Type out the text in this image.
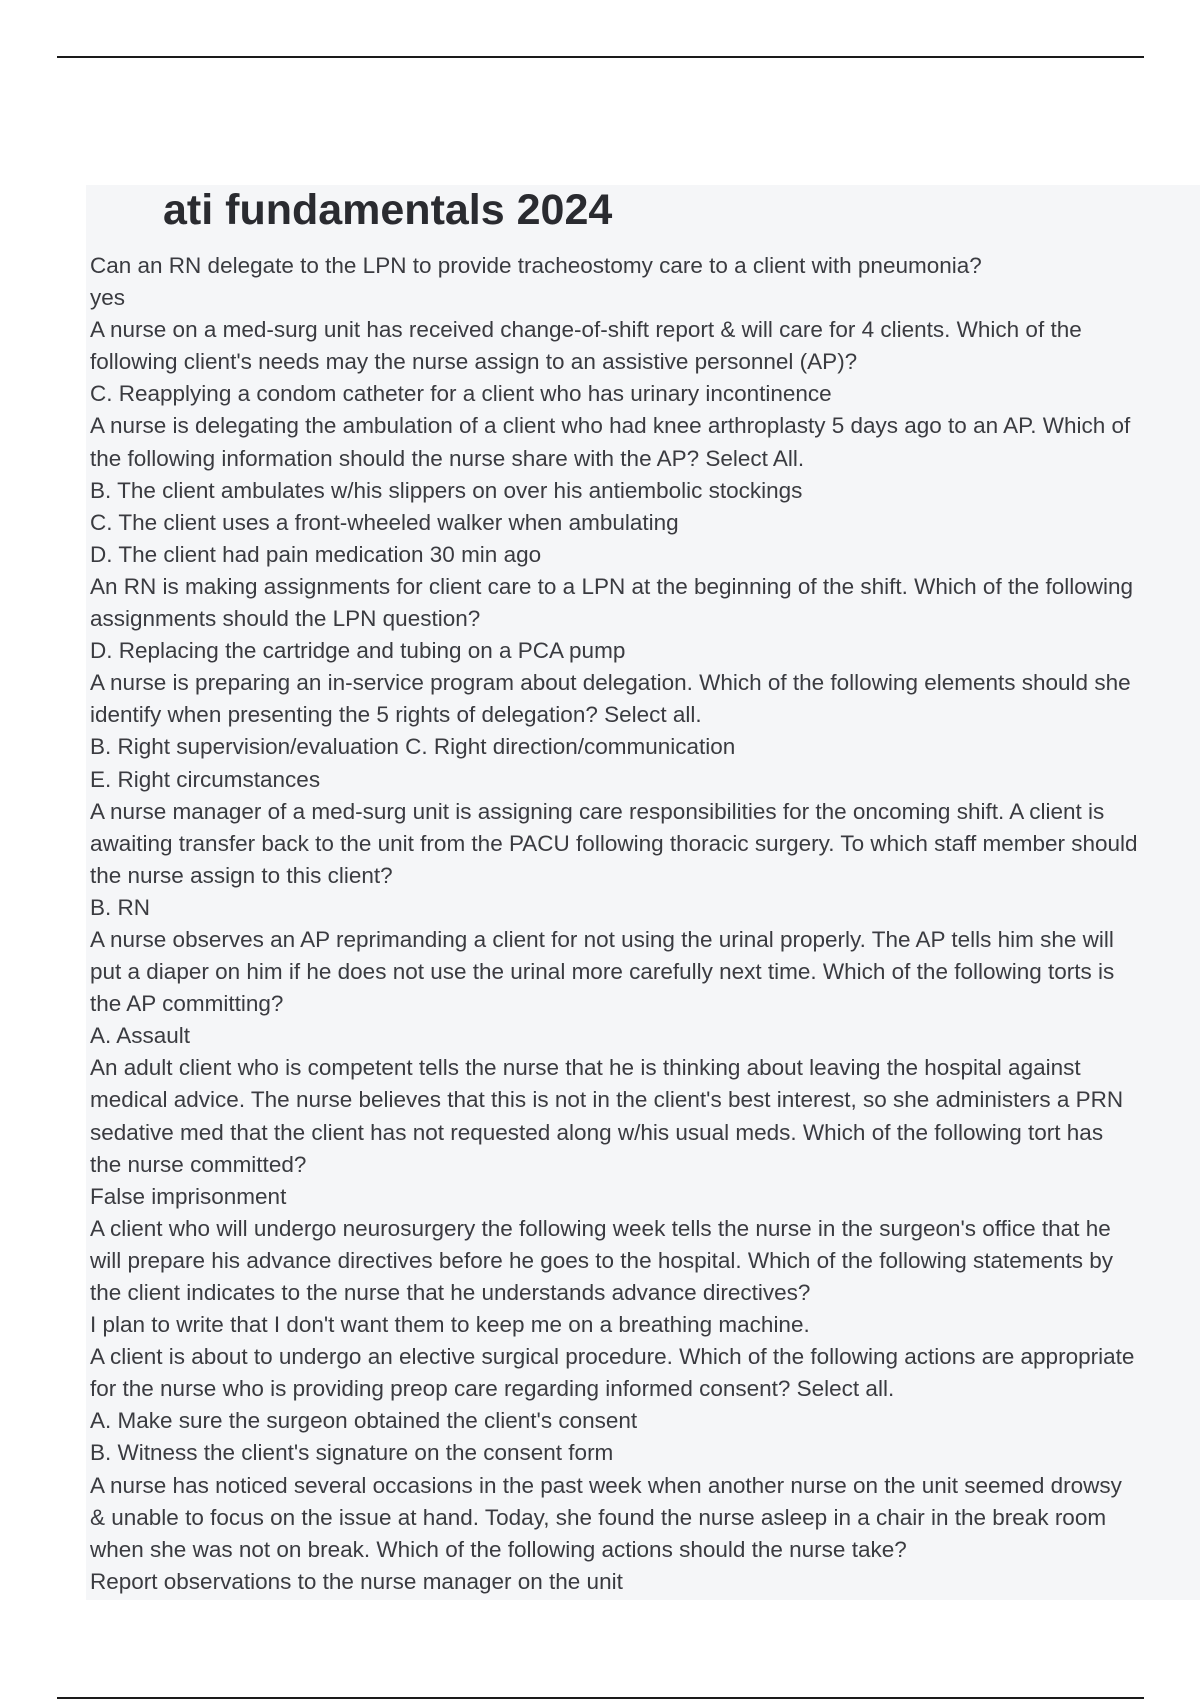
ati fundamentals 2024
Can an RN delegate to the LPN to provide tracheostomy care to a client with pneumonia?
yes
A nurse on a med-surg unit has received change-of-shift report & will care for 4 clients. Which of the
following client's needs may the nurse assign to an assistive personnel (AP)?
C. Reapplying a condom catheter for a client who has urinary incontinence
A nurse is delegating the ambulation of a client who had knee arthroplasty 5 days ago to an AP. Which of
the following information should the nurse share with the AP? Select All.
B. The client ambulates w/his slippers on over his antiembolic stockings
C. The client uses a front-wheeled walker when ambulating
D. The client had pain medication 30 min ago
An RN is making assignments for client care to a LPN at the beginning of the shift. Which of the following
assignments should the LPN question?
D. Replacing the cartridge and tubing on a PCA pump
A nurse is preparing an in-service program about delegation. Which of the following elements should she
identify when presenting the 5 rights of delegation? Select all.
B. Right supervision/evaluation C. Right direction/communication
E. Right circumstances
A nurse manager of a med-surg unit is assigning care responsibilities for the oncoming shift. A client is
awaiting transfer back to the unit from the PACU following thoracic surgery. To which staff member should
the nurse assign to this client?
B. RN
A nurse observes an AP reprimanding a client for not using the urinal properly. The AP tells him she will
put a diaper on him if he does not use the urinal more carefully next time. Which of the following torts is
the AP committing?
A. Assault
An adult client who is competent tells the nurse that he is thinking about leaving the hospital against
medical advice. The nurse believes that this is not in the client's best interest, so she administers a PRN
sedative med that the client has not requested along w/his usual meds. Which of the following tort has
the nurse committed?
False imprisonment
A client who will undergo neurosurgery the following week tells the nurse in the surgeon's office that he
will prepare his advance directives before he goes to the hospital. Which of the following statements by
the client indicates to the nurse that he understands advance directives?
I plan to write that I don't want them to keep me on a breathing machine.
A client is about to undergo an elective surgical procedure. Which of the following actions are appropriate
for the nurse who is providing preop care regarding informed consent? Select all.
A. Make sure the surgeon obtained the client's consent
B. Witness the client's signature on the consent form
A nurse has noticed several occasions in the past week when another nurse on the unit seemed drowsy
& unable to focus on the issue at hand. Today, she found the nurse asleep in a chair in the break room
when she was not on break. Which of the following actions should the nurse take?
Report observations to the nurse manager on the unit
